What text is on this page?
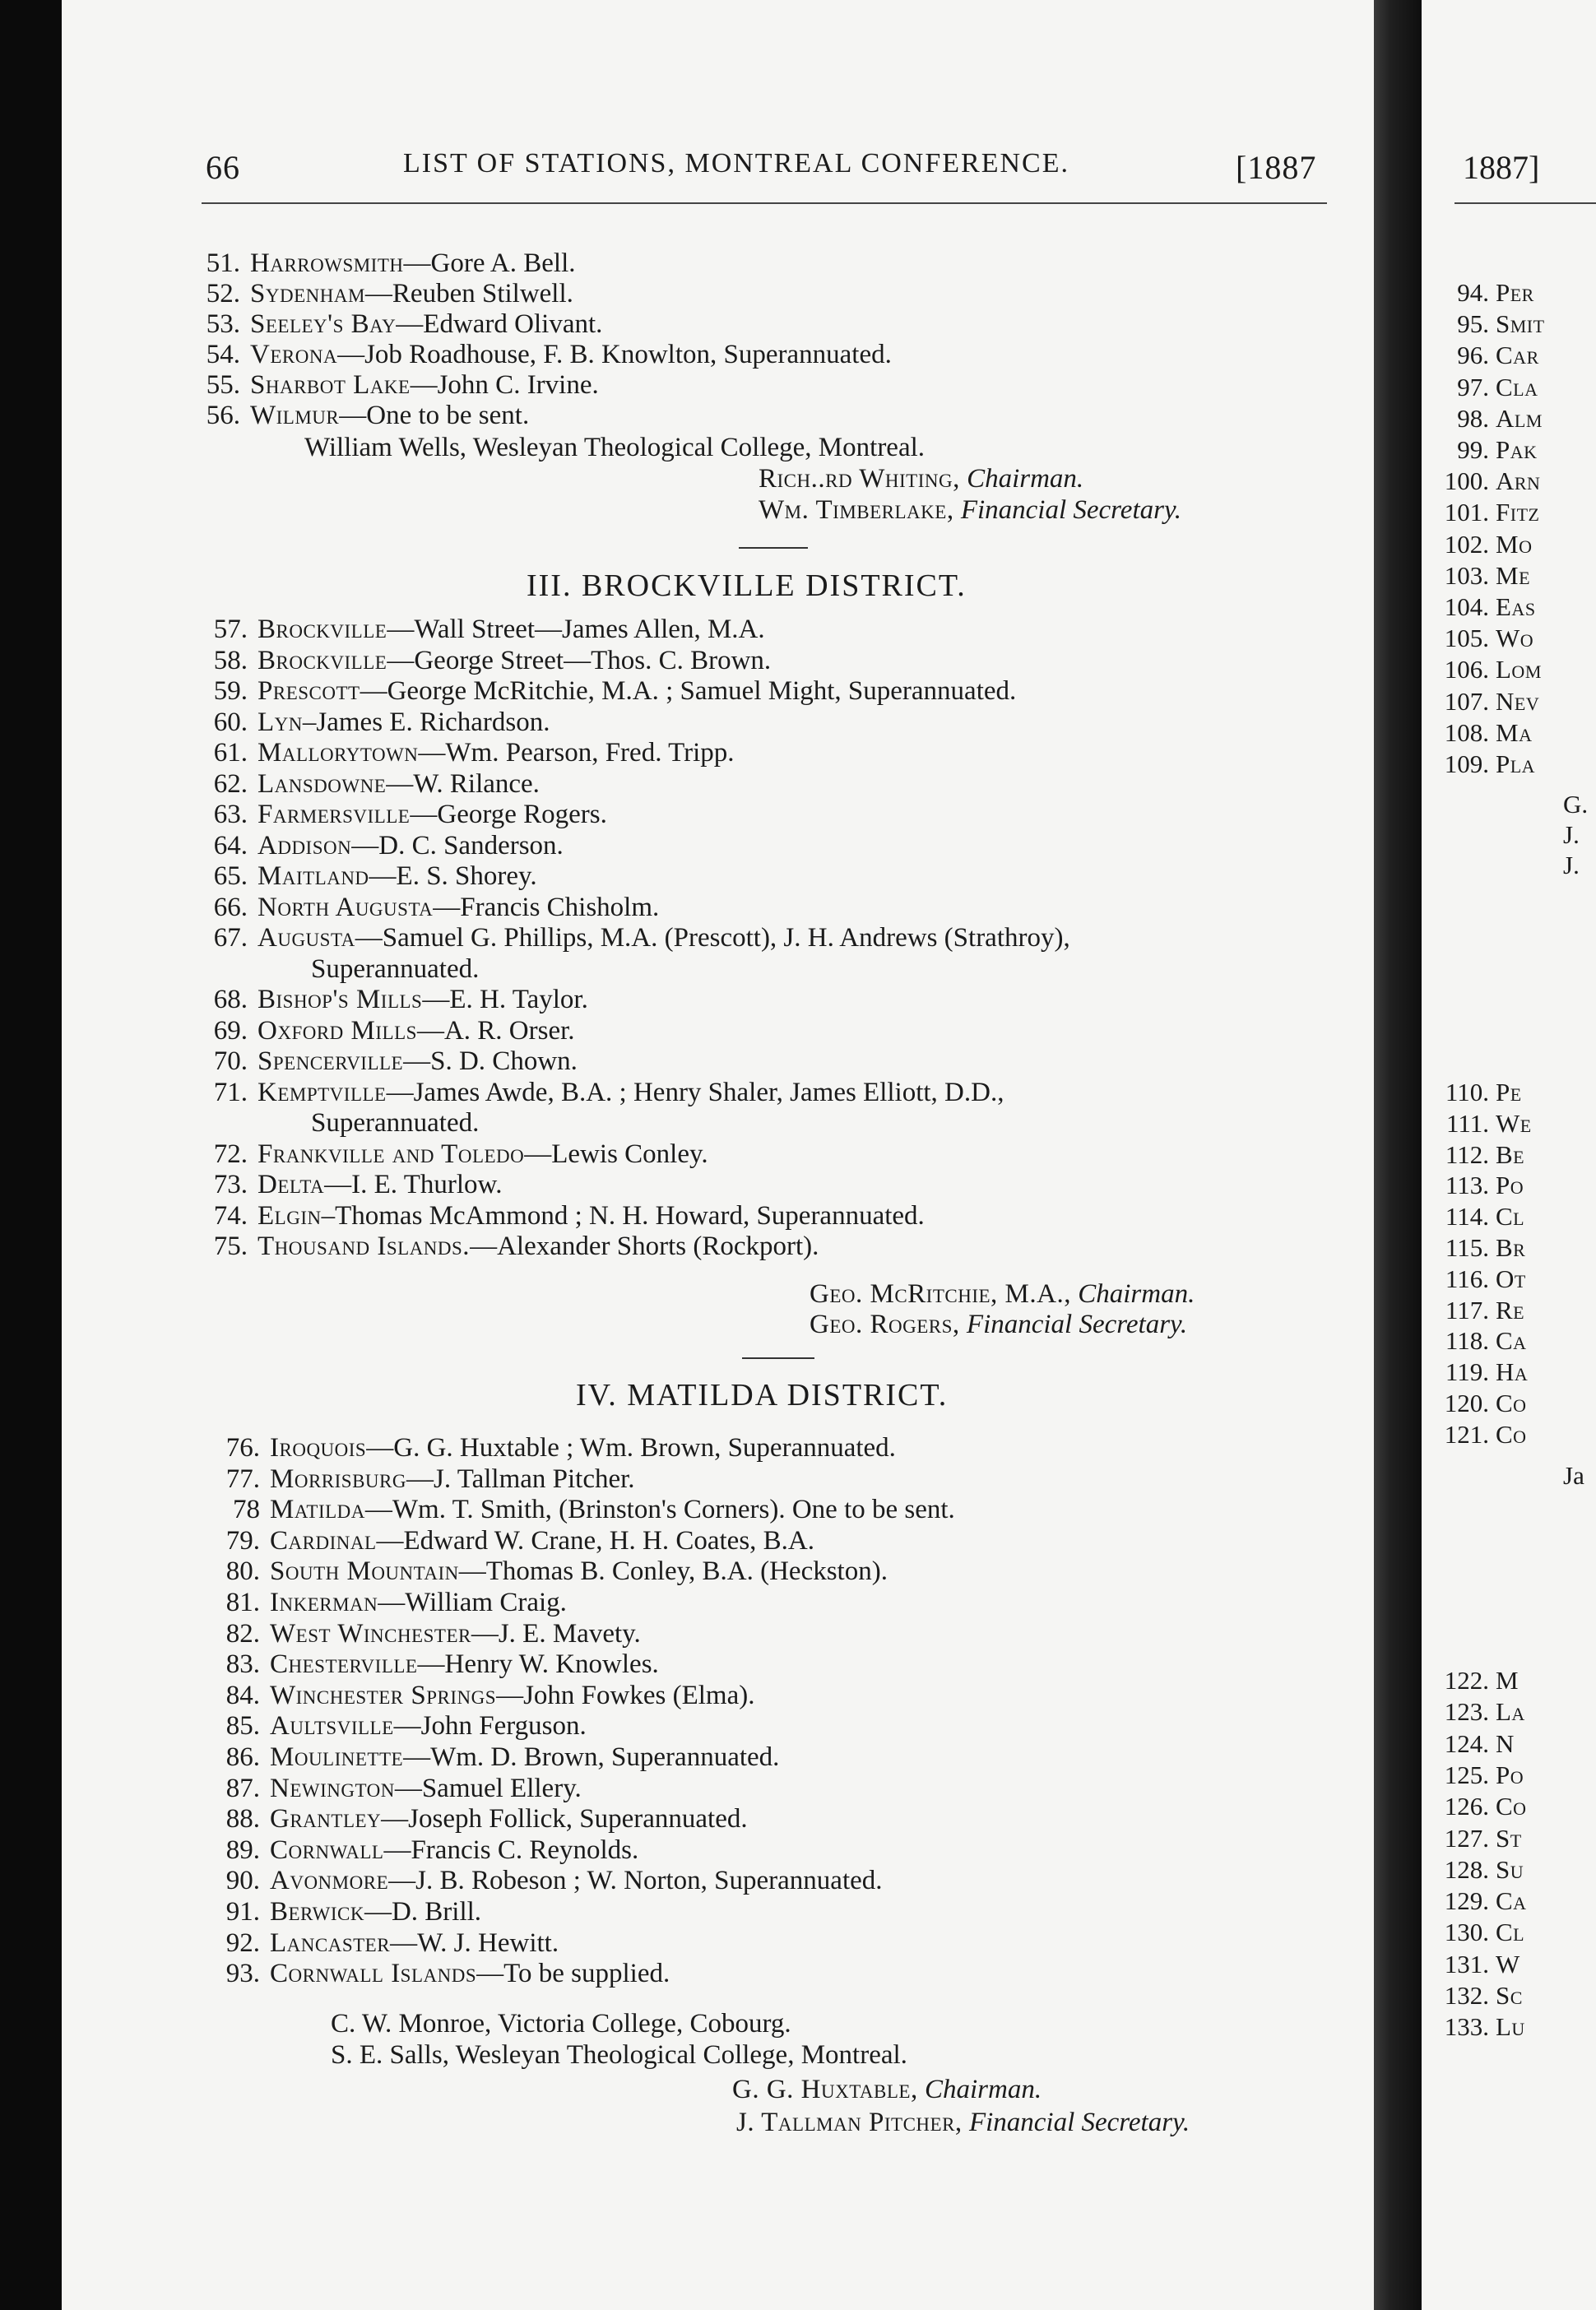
1887]
94. Per
95. Smit
96. Car
97. Cla
98. Alm
99. Pak
100. Arn
101. Fitz
102. Mo
103. Me
104. Eas
105. Wo
106. Lom
107. Nev
108. Ma
109. Pla
G.
J.
J.
110. Pe
111. We
112. Be
113. Po
114. Cl
115. Br
116. Ot
117. Re
118. Ca
119. Ha
120. Co
121. Co
Ja
122. M
123. La
124. N
125. Po
126. Co
127. St
128. Su
129. Ca
130. Cl
131. W
132. Sc
133. Lu
66	LIST OF STATIONS, MONTREAL CONFERENCE.	[1887
51. Harrowsmith—Gore A. Bell.
52. Sydenham—Reuben Stilwell.
53. Seeley's Bay—Edward Olivant.
54. Verona—Job Roadhouse, F. B. Knowlton, Superannuated.
55. Sharbot Lake—John C. Irvine.
56. Wilmur—One to be sent.
William Wells, Wesleyan Theological College, Montreal.
Rich..rd Whiting, Chairman.
Wm. Timberlake, Financial Secretary.
III. BROCKVILLE DISTRICT.
57. Brockville—Wall Street—James Allen, M.A.
58. Brockville—George Street—Thos. C. Brown.
59. Prescott—George McRitchie, M.A. ; Samuel Might, Superannuated.
60. Lyn–James E. Richardson.
61. Mallorytown—Wm. Pearson, Fred. Tripp.
62. Lansdowne—W. Rilance.
63. Farmersville—George Rogers.
64. Addison—D. C. Sanderson.
65. Maitland—E. S. Shorey.
66. North Augusta—Francis Chisholm.
67. Augusta—Samuel G. Phillips, M.A. (Prescott), J. H. Andrews (Strathroy),
Superannuated.
68. Bishop's Mills—E. H. Taylor.
69. Oxford Mills—A. R. Orser.
70. Spencerville—S. D. Chown.
71. Kemptville—James Awde, B.A. ; Henry Shaler, James Elliott, D.D.,
Superannuated.
72. Frankville and Toledo—Lewis Conley.
73. Delta—I. E. Thurlow.
74. Elgin–Thomas McAmmond ; N. H. Howard, Superannuated.
75. Thousand Islands.—Alexander Shorts (Rockport).
Geo. McRitchie, M.A., Chairman.
Geo. Rogers, Financial Secretary.
IV. MATILDA DISTRICT.
76. Iroquois—G. G. Huxtable ; Wm. Brown, Superannuated.
77. Morrisburg—J. Tallman Pitcher.
78 Matilda—Wm. T. Smith, (Brinston's Corners). One to be sent.
79. Cardinal—Edward W. Crane, H. H. Coates, B.A.
80. South Mountain—Thomas B. Conley, B.A. (Heckston).
81. Inkerman—William Craig.
82. West Winchester—J. E. Mavety.
83. Chesterville—Henry W. Knowles.
84. Winchester Springs—John Fowkes (Elma).
85. Aultsville—John Ferguson.
86. Moulinette—Wm. D. Brown, Superannuated.
87. Newington—Samuel Ellery.
88. Grantley—Joseph Follick, Superannuated.
89. Cornwall—Francis C. Reynolds.
90. Avonmore—J. B. Robeson ; W. Norton, Superannuated.
91. Berwick—D. Brill.
92. Lancaster—W. J. Hewitt.
93. Cornwall Islands—To be supplied.
C. W. Monroe, Victoria College, Cobourg.
S. E. Salls, Wesleyan Theological College, Montreal.
G. G. Huxtable, Chairman.
J. Tallman Pitcher, Financial Secretary.
